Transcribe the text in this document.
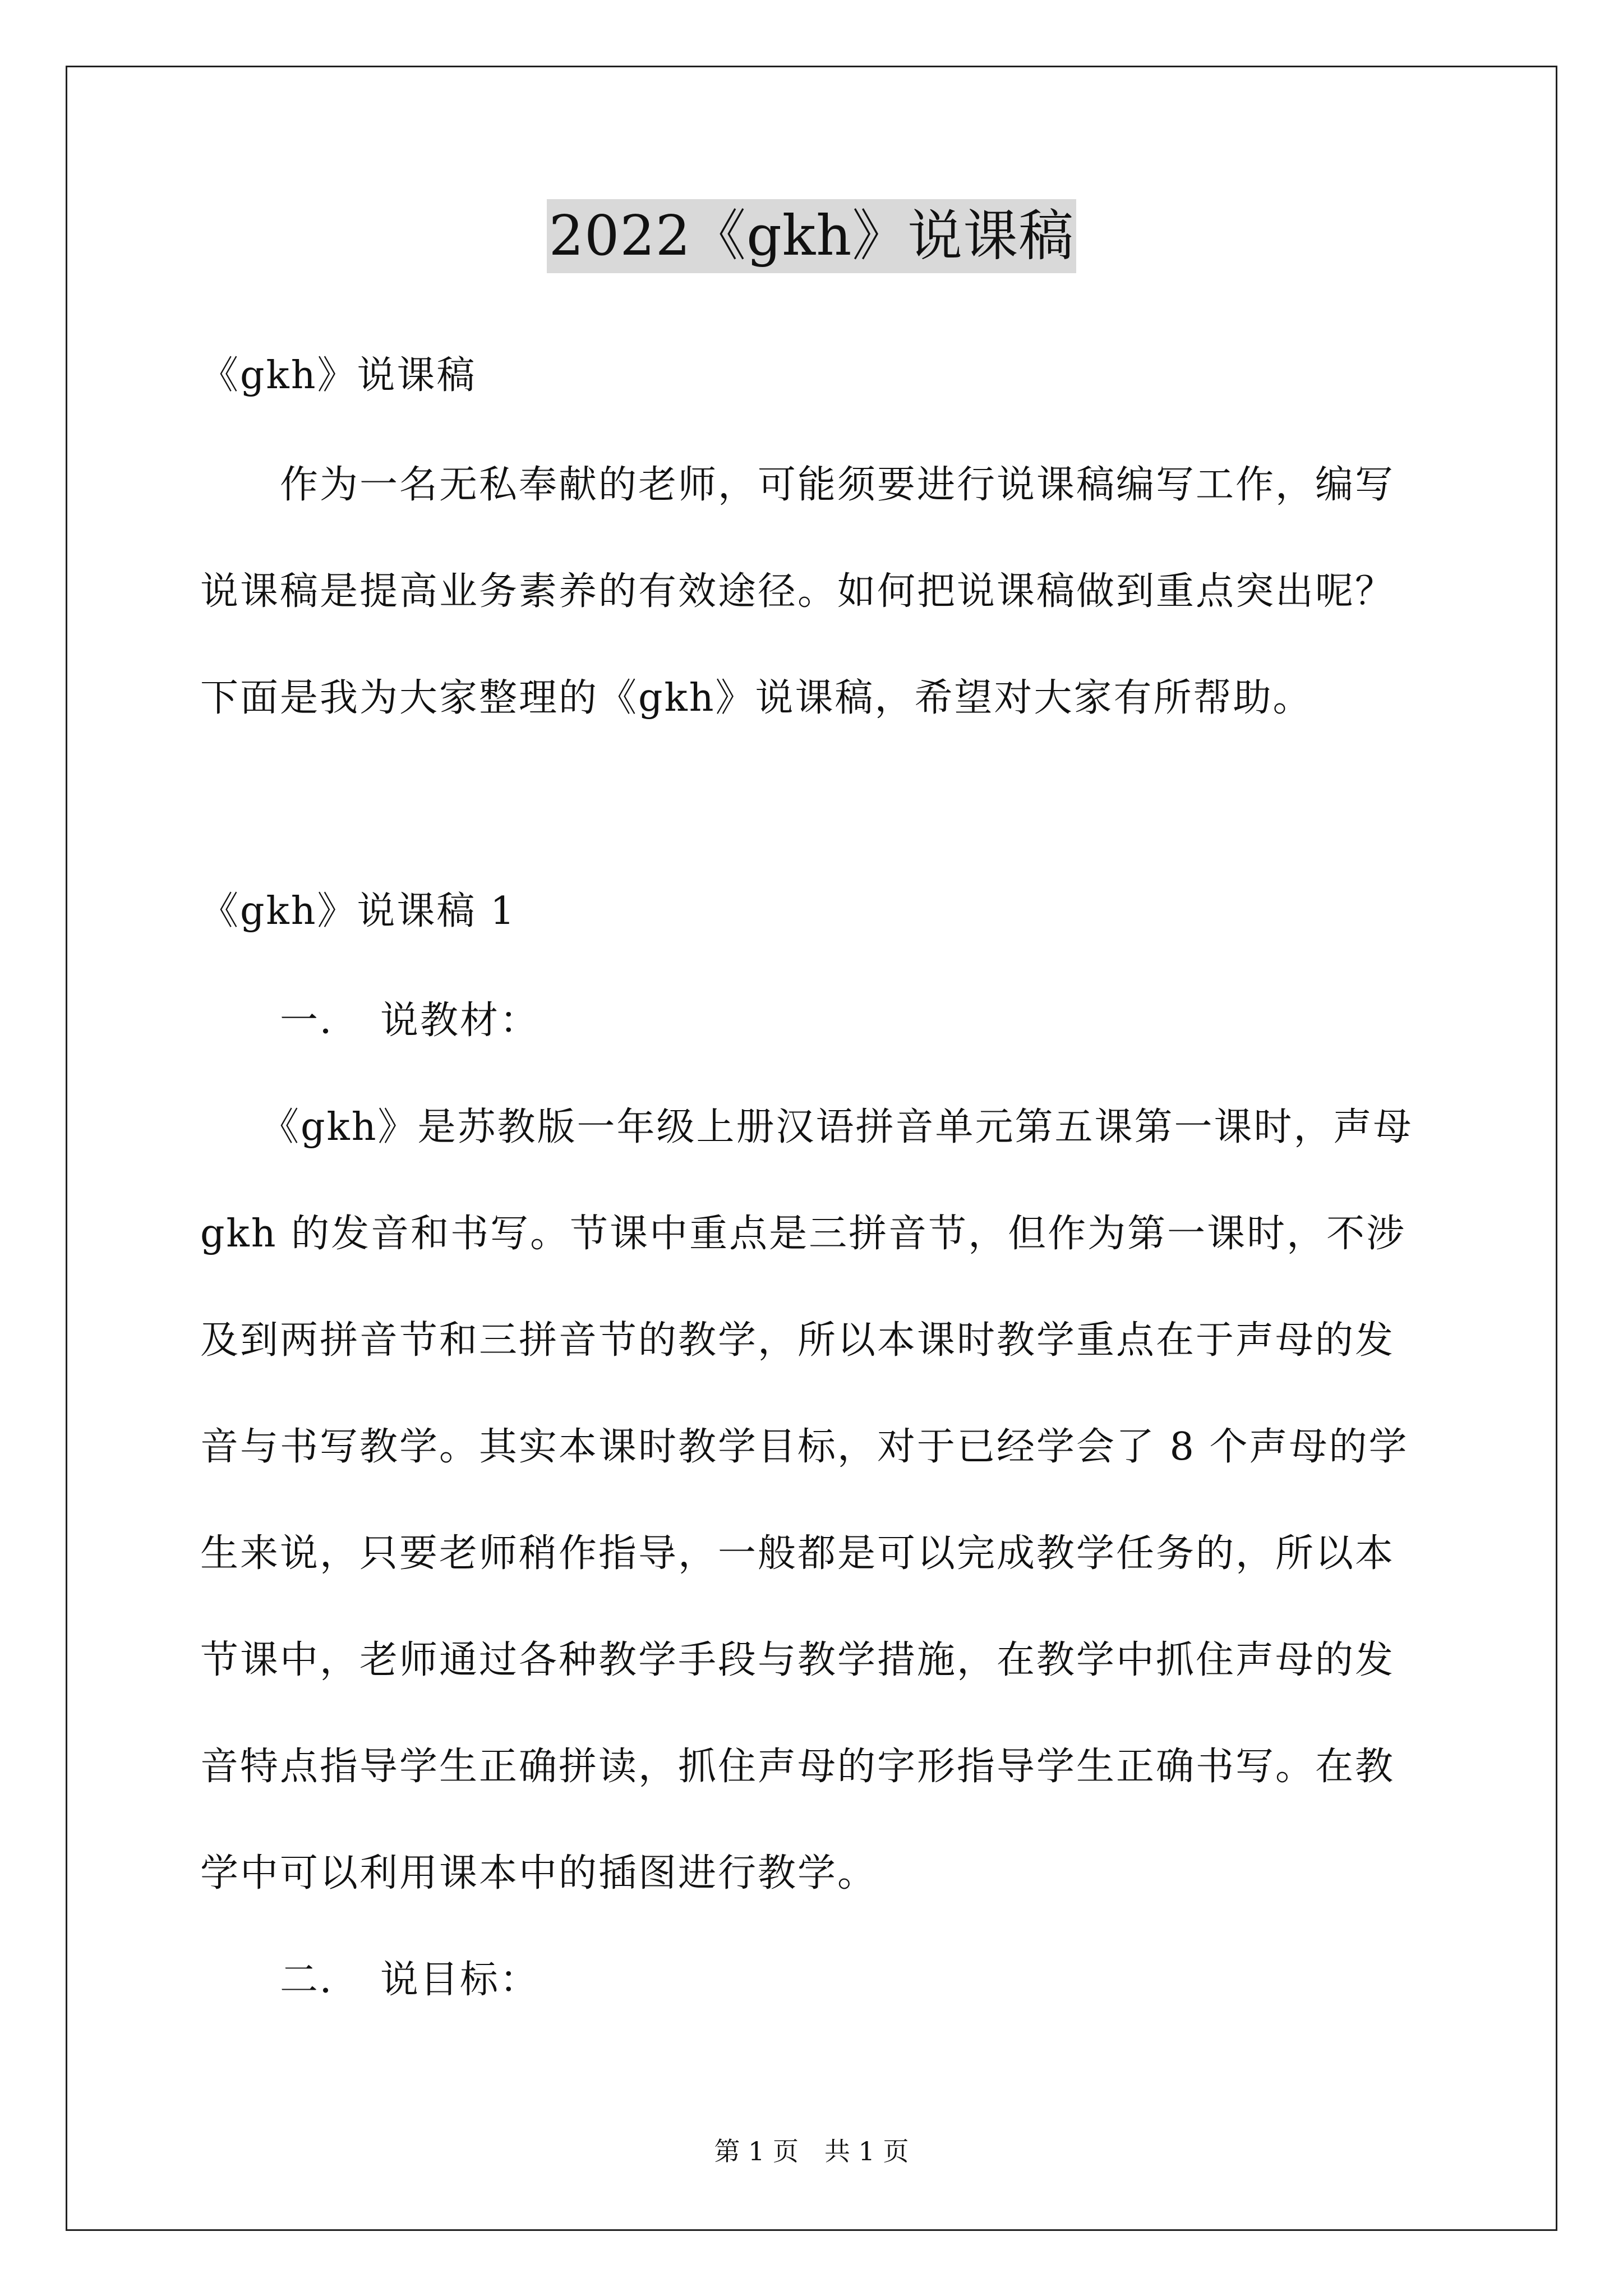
2022《gkh》说课稿
《gkh》说课稿
　　作为一名无私奉献的老师，可能须要进行说课稿编写工作，编写
说课稿是提高业务素养的有效途径。如何把说课稿做到重点突出呢？
下面是我为大家整理的《gkh》说课稿，希望对大家有所帮助。
《gkh》说课稿 1
　　一．　说教材：
　　《gkh》是苏教版一年级上册汉语拼音单元第五课第一课时，声母
gkh 的发音和书写。节课中重点是三拼音节，但作为第一课时，不涉
及到两拼音节和三拼音节的教学，所以本课时教学重点在于声母的发
音与书写教学。其实本课时教学目标，对于已经学会了 8 个声母的学
生来说，只要老师稍作指导，一般都是可以完成教学任务的，所以本
节课中，老师通过各种教学手段与教学措施，在教学中抓住声母的发
音特点指导学生正确拼读，抓住声母的字形指导学生正确书写。在教
学中可以利用课本中的插图进行教学。
　　二．　说目标：
第 1 页　共 1 页
